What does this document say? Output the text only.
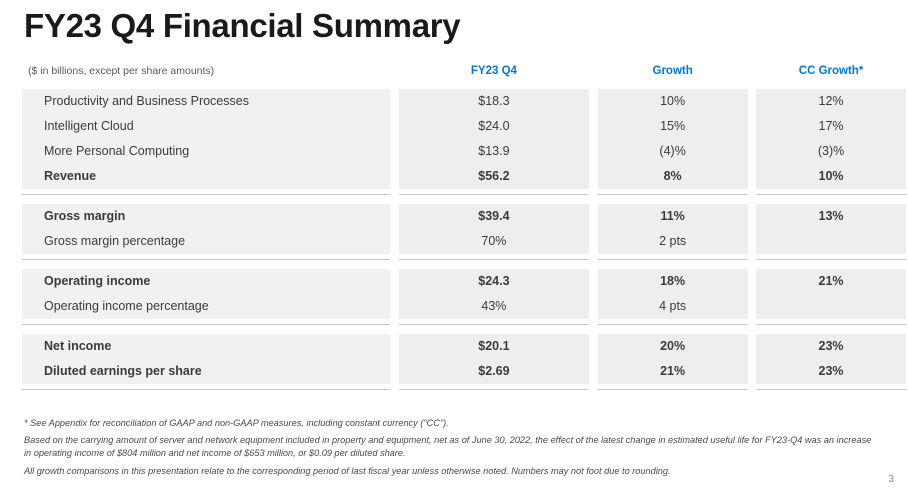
FY23 Q4 Financial Summary
($ in billions, except per share amounts)		FY23 Q4		Growth		CC Growth*
Productivity and Business Processes		$18.3		10%		12%
Intelligent Cloud		$24.0		15%		17%
More Personal Computing		$13.9		(4)%		(3)%
Revenue		$56.2		8%		10%

Gross margin		$39.4		11%		13%
Gross margin percentage		70%		2 pts		

Operating income		$24.3		18%		21%
Operating income percentage		43%		4 pts		

Net income		$20.1		20%		23%
Diluted earnings per share		$2.69		21%		23%

* See Appendix for reconciliation of GAAP and non-GAAP measures, including constant currency ("CC").

Based on the carrying amount of server and network equipment included in property and equipment, net as of June 30, 2022, the effect of the latest change in estimated useful life for FY23-Q4 was an increase in operating income of $804 million and net income of $653 million, or $0.09 per diluted share.

All growth comparisons in this presentation relate to the corresponding period of last fiscal year unless otherwise noted. Numbers may not foot due to rounding.

3
